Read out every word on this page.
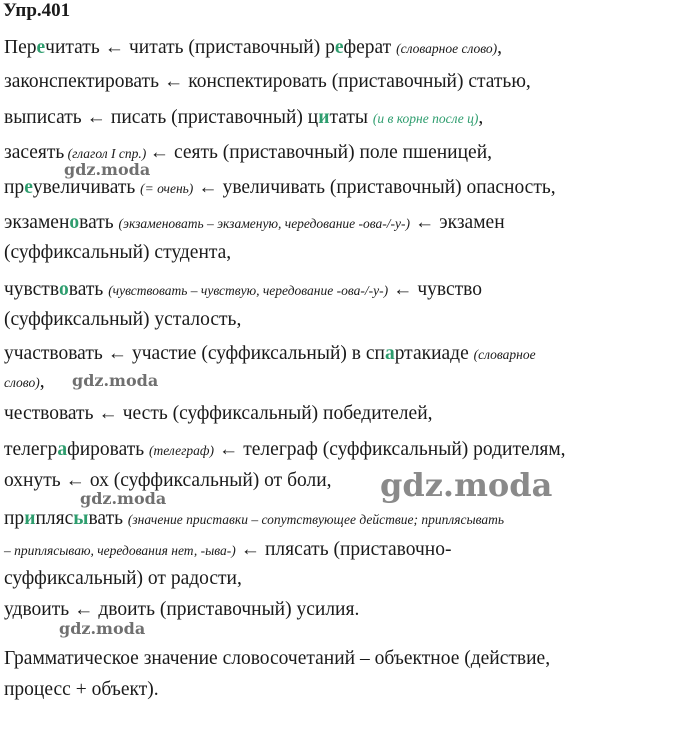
Упр.401
Перечитать ← читать (приставочный) реферат (словарное слово),
законспектировать ← конспектировать (приставочный) статью,
выписать ← писать (приставочный) цитаты (и в корне после ц),
засеять (глагол I спр.) ← сеять (приставочный) поле пшеницей,
преувеличивать (= очень) ← увеличивать (приставочный) опасность,
экзаменовать (экзаменовать – экзаменую, чередование -ова-/-у-) ← экзамен
(суффиксальный) студента,
чувствовать (чувствовать – чувствую, чередование -ова-/-у-) ← чувство
(суффиксальный) усталость,
участвовать ← участие (суффиксальный) в спартакиаде (словарное
слово),
чествовать ← честь (суффиксальный) победителей,
телеграфировать (телеграф) ← телеграф (суффиксальный) родителям,
охнуть ← ох (суффиксальный) от боли,
приплясывать (значение приставки – сопутствующее действие; приплясывать
– приплясываю, чередования нет, -ыва-) ← плясать (приставочно-
суффиксальный) от радости,
удвоить ← двоить (приставочный) усилия.
Грамматическое значение словосочетаний – объектное (действие,
процесс + объект).
gdz.moda
gdz.moda
gdz.moda
gdz.moda
gdz.moda
